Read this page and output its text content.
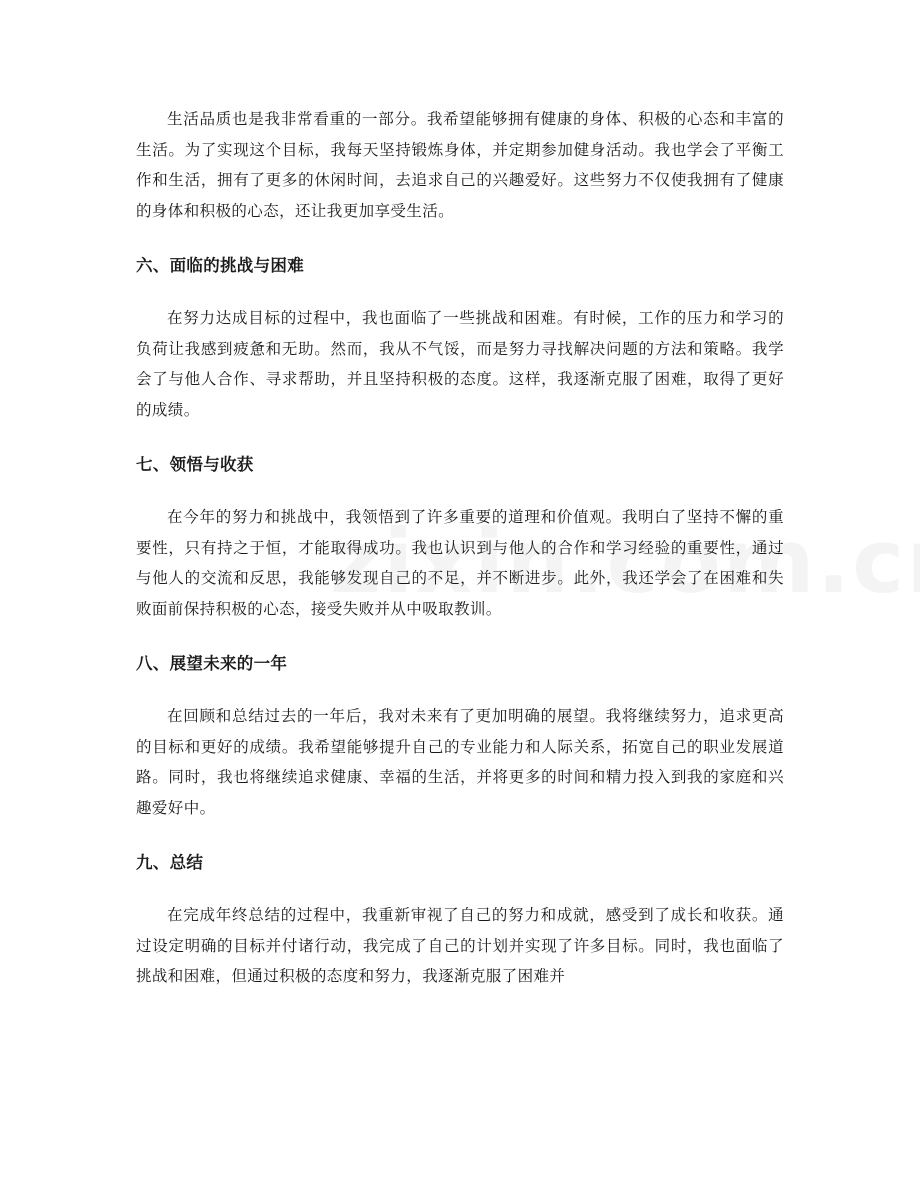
生活品质也是我非常看重的一部分。我希望能够拥有健康的身体、积极的心态和丰富的生活。为了实现这个目标，我每天坚持锻炼身体，并定期参加健身活动。我也学会了平衡工作和生活，拥有了更多的休闲时间，去追求自己的兴趣爱好。这些努力不仅使我拥有了健康的身体和积极的心态，还让我更加享受生活。

六、面临的挑战与困难

在努力达成目标的过程中，我也面临了一些挑战和困难。有时候，工作的压力和学习的负荷让我感到疲惫和无助。然而，我从不气馁，而是努力寻找解决问题的方法和策略。我学会了与他人合作、寻求帮助，并且坚持积极的态度。这样，我逐渐克服了困难，取得了更好的成绩。

七、领悟与收获

在今年的努力和挑战中，我领悟到了许多重要的道理和价值观。我明白了坚持不懈的重要性，只有持之于恒，才能取得成功。我也认识到与他人的合作和学习经验的重要性，通过与他人的交流和反思，我能够发现自己的不足，并不断进步。此外，我还学会了在困难和失败面前保持积极的心态，接受失败并从中吸取教训。

八、展望未来的一年

在回顾和总结过去的一年后，我对未来有了更加明确的展望。我将继续努力，追求更高的目标和更好的成绩。我希望能够提升自己的专业能力和人际关系，拓宽自己的职业发展道路。同时，我也将继续追求健康、幸福的生活，并将更多的时间和精力投入到我的家庭和兴趣爱好中。

九、总结

在完成年终总结的过程中，我重新审视了自己的努力和成就，感受到了成长和收获。通过设定明确的目标并付诸行动，我完成了自己的计划并实现了许多目标。同时，我也面临了挑战和困难，但通过积极的态度和努力，我逐渐克服了困难并
